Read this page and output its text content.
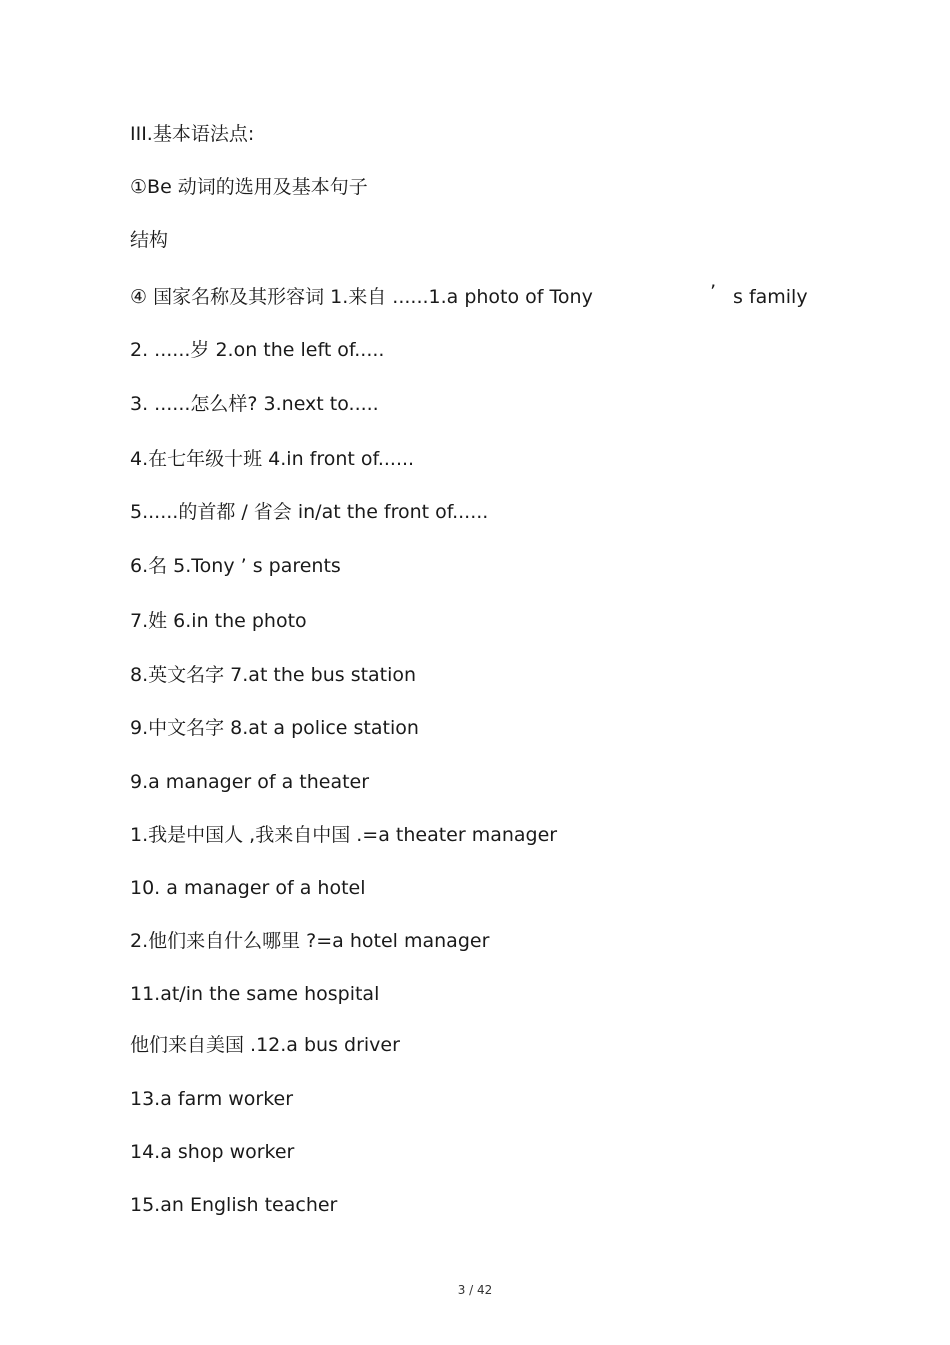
III.基本语法点:
①Be 动词的选用及基本句子
结构
④ 国家名称及其形容词 1.来自 ......1.a photo of Tony	’ s family
2. ......岁 2.on the left of.....
3. ......怎么样? 3.next to.....
4.在七年级十班 4.in front of......
5......的首都 / 省会 in/at the front of......
6.名 5.Tony ’ s parents
7.姓 6.in the photo
8.英文名字 7.at the bus station
9.中文名字 8.at a police station
9.a manager of a theater
1.我是中国人 ,我来自中国 .=a theater manager
10. a manager of a hotel
2.他们来自什么哪里 ?=a hotel manager
11.at/in the same hospital
他们来自美国 .12.a bus driver
13.a farm worker
14.a shop worker
15.an English teacher
3 / 42
